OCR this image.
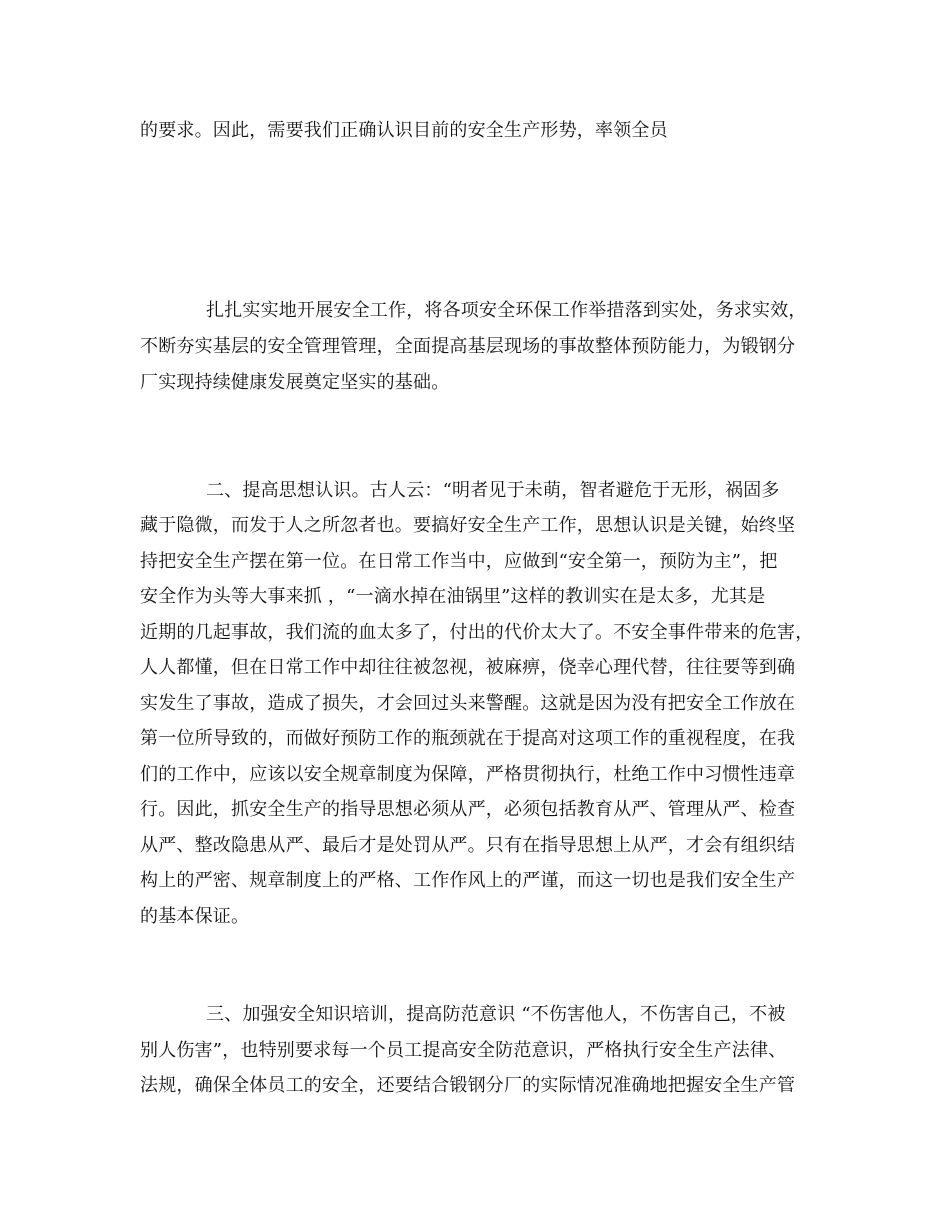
的要求。因此，需要我们正确认识目前的安全生产形势，率领全员
扎扎实实地开展安全工作，将各项安全环保工作举措落到实处，务求实效，
不断夯实基层的安全管理管理，全面提高基层现场的事故整体预防能力，为锻钢分
厂实现持续健康发展奠定坚实的基础。
二、提高思想认识。古人云：“明者见于未萌，智者避危于无形，祸固多
藏于隐微，而发于人之所忽者也。要搞好安全生产工作，思想认识是关键，始终坚
持把安全生产摆在第一位。在日常工作当中，应做到“安全第一，预防为主”，把
安全作为头等大事来抓 ，“一滴水掉在油锅里”这样的教训实在是太多，尤其是
近期的几起事故，我们流的血太多了，付出的代价太大了。不安全事件带来的危害，
人人都懂，但在日常工作中却往往被忽视，被麻痹，侥幸心理代替，往往要等到确
实发生了事故，造成了损失，才会回过头来警醒。这就是因为没有把安全工作放在
第一位所导致的，而做好预防工作的瓶颈就在于提高对这项工作的重视程度，在我
们的工作中，应该以安全规章制度为保障，严格贯彻执行，杜绝工作中习惯性违章
行。因此，抓安全生产的指导思想必须从严，必须包括教育从严、管理从严、检查
从严、整改隐患从严、最后才是处罚从严。只有在指导思想上从严，才会有组织结
构上的严密、规章制度上的严格、工作作风上的严谨，而这一切也是我们安全生产
的基本保证。
三、加强安全知识培训，提高防范意识 “不伤害他人，不伤害自己，不被
别人伤害”，也特别要求每一个员工提高安全防范意识，严格执行安全生产法律、
法规，确保全体员工的安全，还要结合锻钢分厂的实际情况准确地把握安全生产管
